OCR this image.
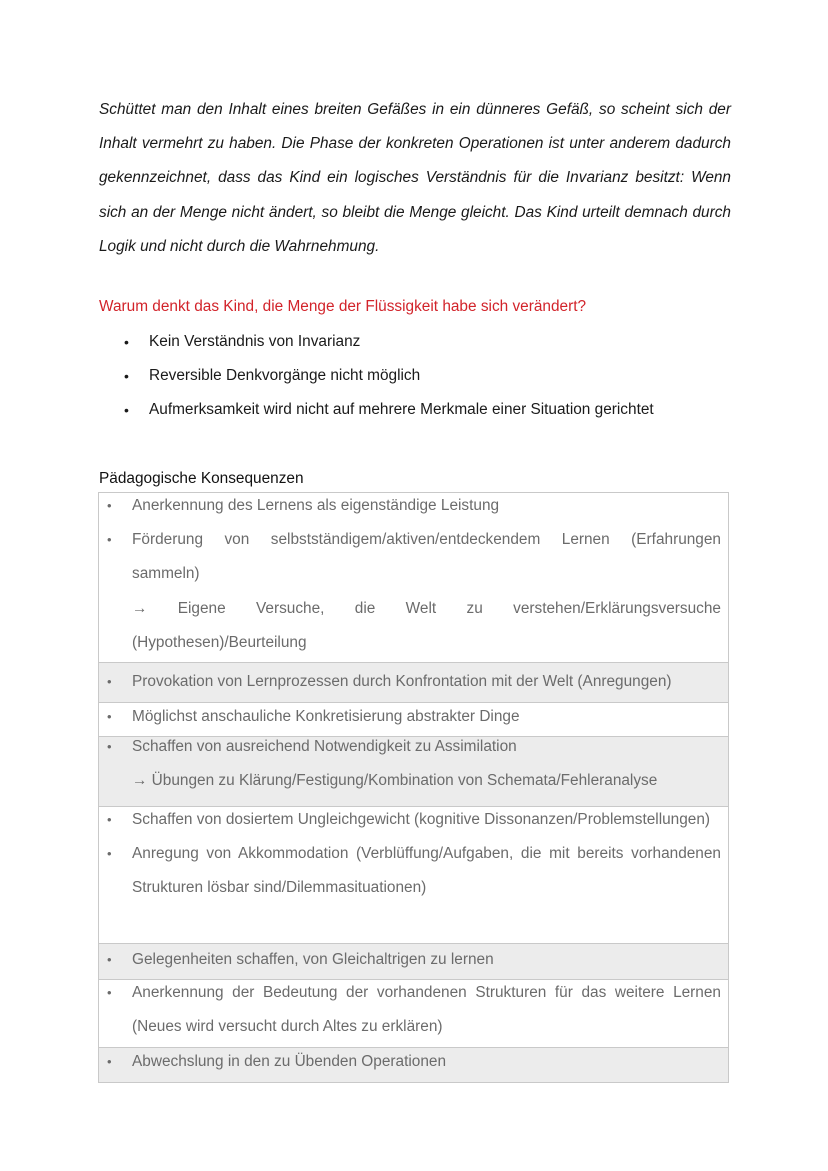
Schüttet man den Inhalt eines breiten Gefäßes in ein dünneres Gefäß, so scheint sich der Inhalt vermehrt zu haben. Die Phase der konkreten Operationen ist unter anderem dadurch gekennzeichnet, dass das Kind ein logisches Verständnis für die Invarianz besitzt: Wenn sich an der Menge nicht ändert, so bleibt die Menge gleicht. Das Kind urteilt demnach durch Logik und nicht durch die Wahrnehmung.

Warum denkt das Kind, die Menge der Flüssigkeit habe sich verändert?

• Kein Verständnis von Invarianz
• Reversible Denkvorgänge nicht möglich
• Aufmerksamkeit wird nicht auf mehrere Merkmale einer Situation gerichtet

Pädagogische Konsequenzen

• Anerkennung des Lernens als eigenständige Leistung
• Förderung von selbstständigem/aktiven/entdeckendem Lernen (Erfahrungen sammeln)
→ Eigene Versuche, die Welt zu verstehen/Erklärungsversuche (Hypothesen)/Beurteilung
• Provokation von Lernprozessen durch Konfrontation mit der Welt (Anregungen)
• Möglichst anschauliche Konkretisierung abstrakter Dinge
• Schaffen von ausreichend Notwendigkeit zu Assimilation
→ Übungen zu Klärung/Festigung/Kombination von Schemata/Fehleranalyse
• Schaffen von dosiertem Ungleichgewicht (kognitive Dissonanzen/Problemstellungen)
• Anregung von Akkommodation (Verblüffung/Aufgaben, die mit bereits vorhandenen Strukturen lösbar sind/Dilemmasituationen)
• Gelegenheiten schaffen, von Gleichaltrigen zu lernen
• Anerkennung der Bedeutung der vorhandenen Strukturen für das weitere Lernen (Neues wird versucht durch Altes zu erklären)
• Abwechslung in den zu Übenden Operationen
